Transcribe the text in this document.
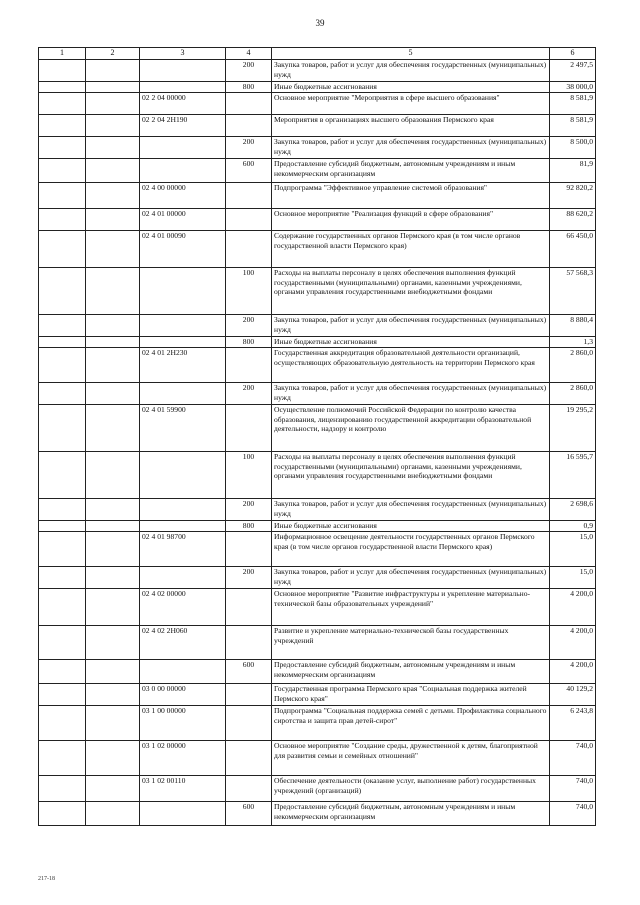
39
1	2	3	4	5	6
			200	Закупка товаров, работ и услуг для обеспечения государственных (муниципальных) нужд	2 497,5
			800	Иные бюджетные ассигнования	38 000,0
		02 2 04 00000		Основное мероприятие "Мероприятия в сфере высшего образования"	8 581,9
		02 2 04 2Н190		Мероприятия в организациях высшего образования Пермского края	8 581,9
			200	Закупка товаров, работ и услуг для обеспечения государственных (муниципальных) нужд	8 500,0
			600	Предоставление субсидий бюджетным, автономным учреждениям и иным некоммерческим организациям	81,9
		02 4 00 00000		Подпрограмма "Эффективное управление системой образования"	92 820,2
		02 4 01 00000		Основное мероприятие "Реализация функций в сфере образования"	88 620,2
		02 4 01 00090		Содержание государственных органов Пермского края (в том числе органов государственной власти Пермского края)	66 450,0
			100	Расходы на выплаты персоналу в целях обеспечения выполнения функций государственными (муниципальными) органами, казенными учреждениями, органами управления государственными внебюджетными фондами	57 568,3
			200	Закупка товаров, работ и услуг для обеспечения государственных (муниципальных) нужд	8 880,4
			800	Иные бюджетные ассигнования	1,3
		02 4 01 2Н230		Государственная аккредитация образовательной деятельности организаций, осуществляющих образовательную деятельность на территории Пермского края	2 860,0
			200	Закупка товаров, работ и услуг для обеспечения государственных (муниципальных) нужд	2 860,0
		02 4 01 59900		Осуществление полномочий Российской Федерации по контролю качества образования, лицензированию государственной аккредитации образовательной деятельности, надзору и контролю	19 295,2
			100	Расходы на выплаты персоналу в целях обеспечения выполнения функций государственными (муниципальными) органами, казенными учреждениями, органами управления государственными внебюджетными фондами	16 595,7
			200	Закупка товаров, работ и услуг для обеспечения государственных (муниципальных) нужд	2 698,6
			800	Иные бюджетные ассигнования	0,9
		02 4 01 98700		Информационное освещение деятельности государственных органов Пермского края (в том числе органов государственной власти Пермского края)	15,0
			200	Закупка товаров, работ и услуг для обеспечения государственных (муниципальных) нужд	15,0
		02 4 02 00000		Основное мероприятие "Развитие инфраструктуры и укрепление материально-технической базы образовательных учреждений"	4 200,0
		02 4 02 2Н060		Развитие и укрепление материально-технической базы государственных учреждений	4 200,0
			600	Предоставление субсидий бюджетным, автономным учреждениям и иным некоммерческим организациям	4 200,0
		03 0 00 00000		Государственная программа Пермского края "Социальная поддержка жителей Пермского края"	40 129,2
		03 1 00 00000		Подпрограмма "Социальная поддержка семей с детьми. Профилактика социального сиротства и защита прав детей-сирот"	6 243,8
		03 1 02 00000		Основное мероприятие "Создание среды, дружественной к детям, благоприятной для развития семьи и семейных отношений"	740,0
		03 1 02 00110		Обеспечение деятельности (оказание услуг, выполнение работ) государственных учреждений (организаций)	740,0
			600	Предоставление субсидий бюджетным, автономным учреждениям и иным некоммерческим организациям	740,0
217-18
